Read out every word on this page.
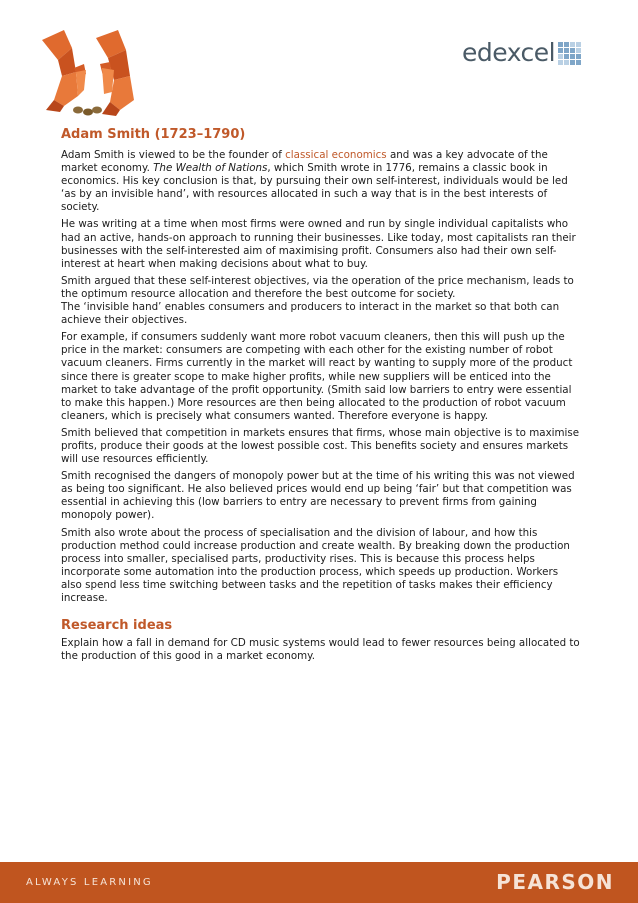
edexcel
Adam Smith (1723–1790)

Adam Smith is viewed to be the founder of classical economics and was a key advocate of the market economy. The Wealth of Nations, which Smith wrote in 1776, remains a classic book in economics. His key conclusion is that, by pursuing their own self-interest, individuals would be led ‘as by an invisible hand’, with resources allocated in such a way that is in the best interests of society.

He was writing at a time when most firms were owned and run by single individual capitalists who had an active, hands-on approach to running their businesses. Like today, most capitalists ran their businesses with the self-interested aim of maximising profit. Consumers also had their own self-interest at heart when making decisions about what to buy.

Smith argued that these self-interest objectives, via the operation of the price mechanism, leads to the optimum resource allocation and therefore the best outcome for society.
The ‘invisible hand’ enables consumers and producers to interact in the market so that both can achieve their objectives.

For example, if consumers suddenly want more robot vacuum cleaners, then this will push up the price in the market: consumers are competing with each other for the existing number of robot vacuum cleaners. Firms currently in the market will react by wanting to supply more of the product since there is greater scope to make higher profits, while new suppliers will be enticed into the market to take advantage of the profit opportunity. (Smith said low barriers to entry were essential to make this happen.) More resources are then being allocated to the production of robot vacuum cleaners, which is precisely what consumers wanted. Therefore everyone is happy.

Smith believed that competition in markets ensures that firms, whose main objective is to maximise profits, produce their goods at the lowest possible cost. This benefits society and ensures markets will use resources efficiently.

Smith recognised the dangers of monopoly power but at the time of his writing this was not viewed as being too significant. He also believed prices would end up being ‘fair’ but that competition was essential in achieving this (low barriers to entry are necessary to prevent firms from gaining monopoly power).

Smith also wrote about the process of specialisation and the division of labour, and how this production method could increase production and create wealth. By breaking down the production process into smaller, specialised parts, productivity rises. This is because this process helps incorporate some automation into the production process, which speeds up production. Workers also spend less time switching between tasks and the repetition of tasks makes their efficiency increase.

Research ideas

Explain how a fall in demand for CD music systems would lead to fewer resources being allocated to the production of this good in a market economy.

ALWAYS LEARNING	PEARSON
